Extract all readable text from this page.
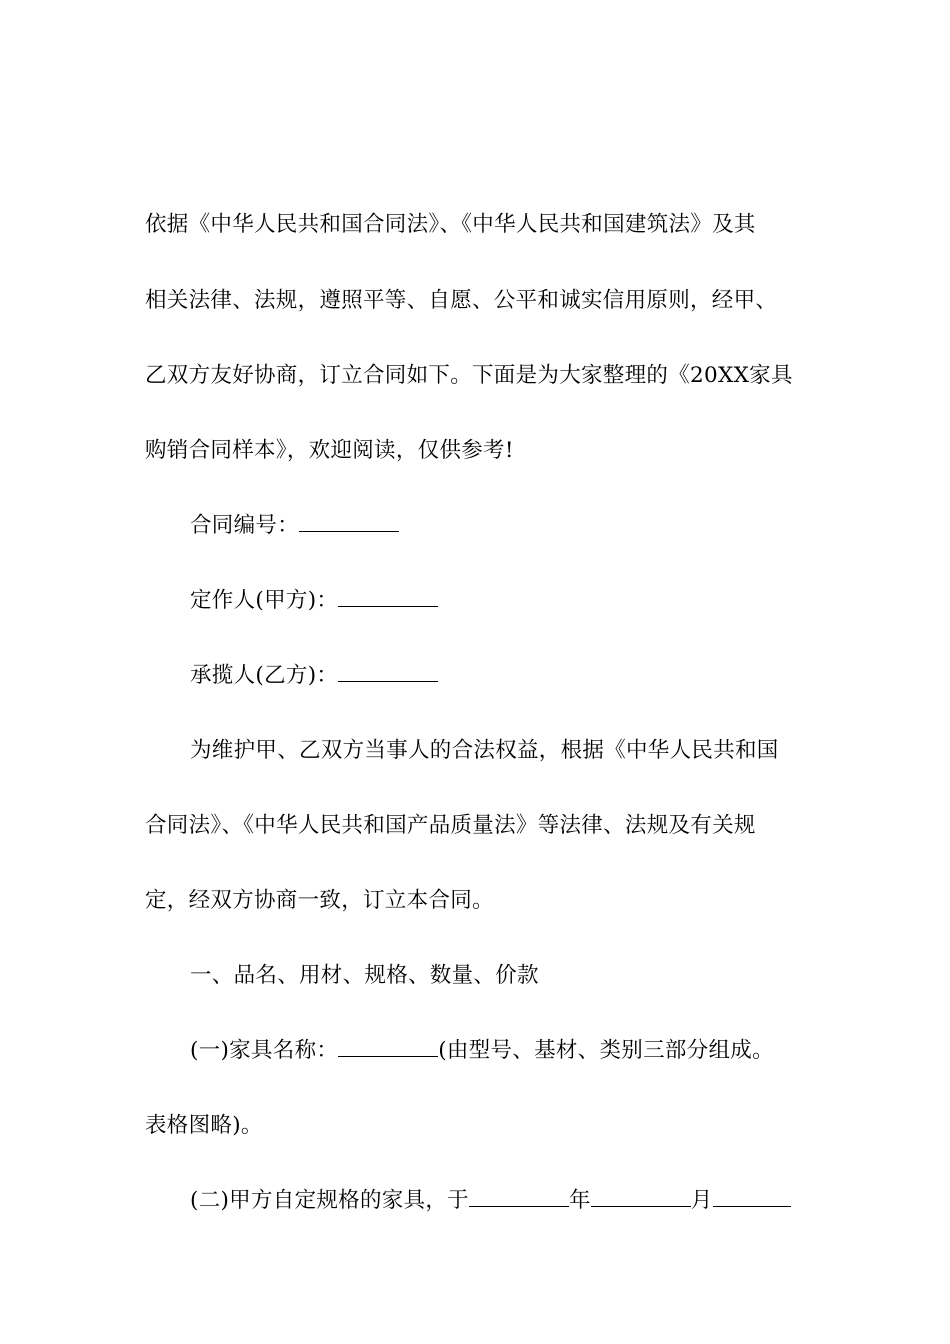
依据《中华人民共和国合同法》、《中华人民共和国建筑法》及其
相关法律、法规，遵照平等、自愿、公平和诚实信用原则，经甲、
乙双方友好协商，订立合同如下。下面是为大家整理的《20XX家具
购销合同样本》，欢迎阅读，仅供参考!
合同编号：
定作人(甲方)：
承揽人(乙方)：
为维护甲、乙双方当事人的合法权益，根据《中华人民共和国
合同法》、《中华人民共和国产品质量法》等法律、法规及有关规
定，经双方协商一致，订立本合同。
一、品名、用材、规格、数量、价款
(一)家具名称：	(由型号、基材、类别三部分组成。
表格图略)。
(二)甲方自定规格的家具，于	年	月
